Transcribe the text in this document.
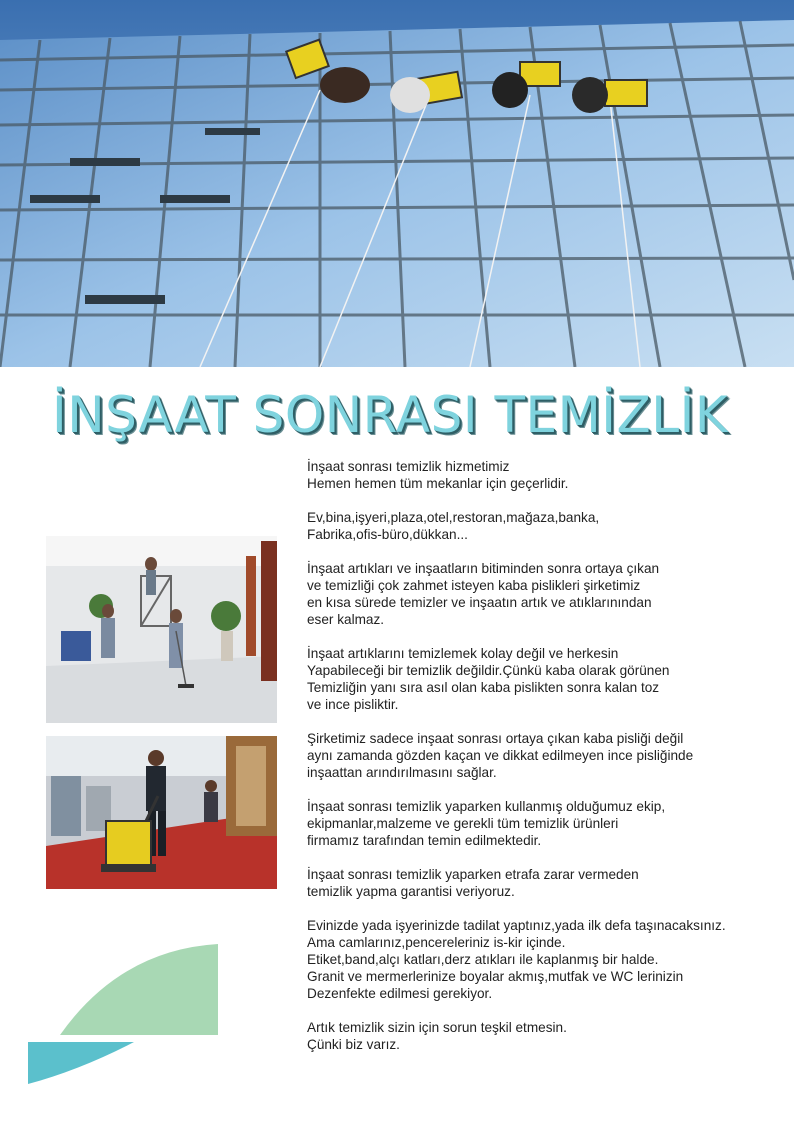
İNŞAAT SONRASI TEMİZLİK
İnşaat sonrası temizlik hizmetimiz
Hemen hemen tüm mekanlar için geçerlidir.
Ev,bina,işyeri,plaza,otel,restoran,mağaza,banka,
Fabrika,ofis-büro,dükkan...
İnşaat artıkları ve inşaatların bitiminden sonra ortaya çıkan
ve temizliği çok zahmet isteyen kaba pislikleri şirketimiz
en kısa sürede temizler ve inşaatın artık ve atıklarınından
eser kalmaz.
İnşaat artıklarını temizlemek kolay değil ve herkesin
Yapabileceği bir temizlik değildir.Çünkü kaba olarak görünen
Temizliğin yanı sıra asıl olan kaba pislikten sonra kalan toz
ve ince pisliktir.
Şirketimiz sadece inşaat sonrası ortaya çıkan kaba pisliği değil
aynı zamanda gözden kaçan ve dikkat edilmeyen ince pisliğinde
inşaattan arındırılmasını sağlar.
İnşaat sonrası temizlik yaparken kullanmış olduğumuz ekip,
ekipmanlar,malzeme ve gerekli tüm temizlik ürünleri
firmamız tarafından temin edilmektedir.
İnşaat sonrası temizlik yaparken etrafa zarar vermeden
temizlik yapma garantisi veriyoruz.
Evinizde yada işyerinizde tadilat yaptınız,yada ilk defa taşınacaksınız.
Ama camlarınız,pencereleriniz is-kir içinde.
Etiket,band,alçı katları,derz atıkları ile kaplanmış bir halde.
Granit ve mermerlerinize boyalar akmış,mutfak ve WC lerinizin
Dezenfekte edilmesi gerekiyor.
Artık temizlik sizin için sorun teşkil etmesin.
Çünki biz varız.
